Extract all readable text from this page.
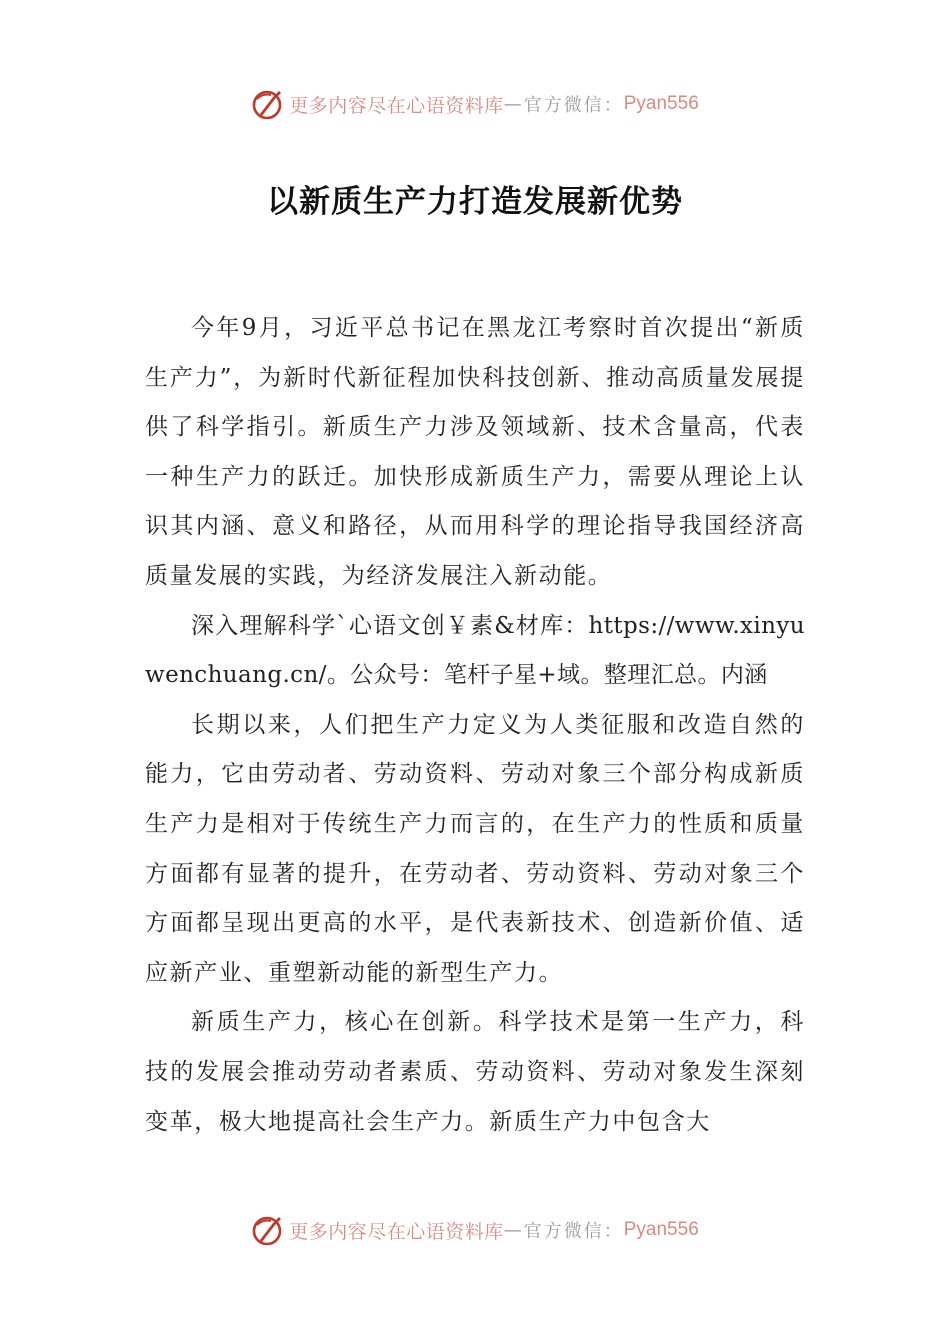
更多内容尽在心语资料库 — 官方微信： Pyan556
以新质生产力打造发展新优势

今年9月，习近平总书记在黑龙江考察时首次提出“新质生产力”，为新时代新征程加快科技创新、推动高质量发展提供了科学指引。新质生产力涉及领域新、技术含量高，代表一种生产力的跃迁。加快形成新质生产力，需要从理论上认识其内涵、意义和路径，从而用科学的理论指导我国经济高质量发展的实践，为经济发展注入新动能。

深入理解科学`心语文创￥素&材库：https://www.xinyuwenchuang.cn/。公众号：笔杆子星+域。整理汇总。内涵

长期以来，人们把生产力定义为人类征服和改造自然的能力，它由劳动者、劳动资料、劳动对象三个部分构成新质生产力是相对于传统生产力而言的，在生产力的性质和质量方面都有显著的提升，在劳动者、劳动资料、劳动对象三个方面都呈现出更高的水平，是代表新技术、创造新价值、适应新产业、重塑新动能的新型生产力。

新质生产力，核心在创新。科学技术是第一生产力，科技的发展会推动劳动者素质、劳动资料、劳动对象发生深刻变革，极大地提高社会生产力。新质生产力中包含大

更多内容尽在心语资料库 — 官方微信： Pyan556
